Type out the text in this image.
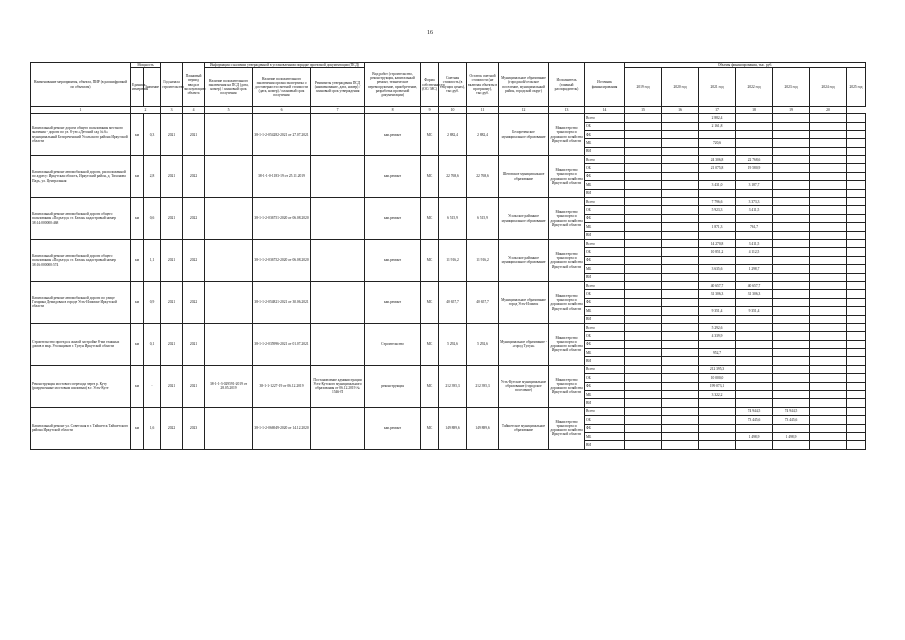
16
Наименование мероприятия, объекта, ПИР (в расшифровкой по объектам)	Мощность		Год начала строительства	Плановый период ввода в эксплуатацию объекта	Информация о наличии утвержденной в установленном порядке проектной документации (ПСД)			Вид работ (строительство, реконструкция, капитальный ремонт, техническое перевооружение, приобретение, разработка проектной документации)	Форма собственности (ОС/ МС)	Сметная стоимость (в текущих ценах), тыс.руб.	Остаток сметной стоимости (не включая объекты в программу), тыс.руб.	Муниципальное образование (городской/сельское поселение, муниципальный район, городской округ)	Исполнитель (главный распорядитель)	Источник финансирования	Объемы финансирования, тыс. руб.						
	Единица измерения	Значение			Наличие положительного заключения на ПСД (дата, номер) / плановый срок получения	Наличие положительного заключения органа экспертизы о достоверности сметной стоимости (дата, номер) / плановый срок получения	Реквизиты утверждения ПСД (наименование, дата, номер) / плановый срок утверждения								2019 год	2020 год	2021 год	2022 год	2023 год	2024 год	2025 год
1	2		3	4	5	6	7	8	9	10	11	12	13	14	15	16	17	18	19	20	
Капитальный ремонт дороги общего пользования местного значения - дороги по ул. 8-ую «Детский сад № 6» муниципальный Белореченский Усольского района Иркутской области	км	0,3	2021	2021		38-1-1-2-054282-2021 от 27.07.2021		кап.ремонт	МС	2 882,4	2 882,4	Белореченское муниципальное образование	Министерство транспорта и дорожного хозяйства Иркутской области	Всего			2 882,4				
														ОБ			2 161,8				
														ФБ							
														МБ			720,6				
														ВИ							
Капитальный ремонт автомобильной дороги, расположенной по адресу: Иркутская область, Иркутский район, д. Тихонова Падь, ул. Центральная	км	2,8	2021	2022		38-1-1-0-1183-19 от 25.11.2019		кап.ремонт	МС	22 768,6	22 768,6	Шеговское муниципальное образование	Министерство транспорта и дорожного хозяйства Иркутской области	Всего			24 306,8	22 768,6			
														ОБ			21 075,8	19 580,9			
														ФБ							
														МБ			3 431,0	3 187,7			
														ВИ							
Капитальный ремонт автомобильной дороги общего пользования «Подъезд к ст. Белая» кадастровый номер 38:14:000000:468	км	0,6	2021	2022		38-1-1-2-036751-2020 от 06.08.2020		кап.ремонт	МС	6 515,9	6 515,9	Усольское районное муниципальное образование	Министерство транспорта и дорожного хозяйства Иркутской области	Всего			7 796,6	3 373,3			
														ОБ			5 923,3	3 411,5			
														ФБ							
														МБ			1 871,3	761,7			
														ВИ							
Капитальный ремонт автомобильной дороги общего пользования «Подъезд к ст. Белая» кадастровый номер 38:16:000000:574	км	1,1	2021	2022		38-1-1-2-036752-2020 от 06.08.2020		кап.ремонт	МС	11 916,2	11 916,2	Усольское районное муниципальное образование	Министерство транспорта и дорожного хозяйства Иркутской области	Всего			14 270,8	3 411,5			
														ОБ			10 851,2	4 112,5			
														ФБ							
														МБ			3 635,6	1 298,7			
														ВИ							
Капитальный ремонт автомобильной дороги по улице Гагарина Демидовая в городе Усть-Илимске Иркутской области	км	0,9	2021	2022		38-1-1-2-054821-2021 от 30.06.2021		кап.ремонт	МС	40 657,7	40 657,7	Муниципальное образование город Усть-Илимск	Министерство транспорта и дорожного хозяйства Иркутской области	Всего			40 657,7	40 657,7			
														ОБ			31 306,3	31 306,3			
														ФБ							
														МБ			9 351,4	9 351,4			
														ВИ							
Строительство проезда к жилой застройке 8-ми этажных домов в мкр. Угольщиков г. Тулун Иркутской области	км	0,1	2021	2021		38-1-1-2-035996-2021 от 01.07.2021		Строительство	МС	5 292,6	5 292,6	Муниципальное образование - «город Тулун»	Министерство транспорта и дорожного хозяйства Иркутской области	Всего			5 292,6				
														ОБ			4 339,9				
														ФБ							
														МБ			952,7				
														ВИ							
Реконструкция мостового перехода через р. Куту (разрушенные мостовым шиловым) в г. Усть-Куте	км	-	2021	2021	38-1-1-3-029591-2019 от 28.05.2019	38-1-1-1227-19 от 06.12.2019	Постановление администрации Усть-Кутского муниципального образования от 06.12.2019 № 1546-П	реконструкция	МС	212 395,3	212 395,3	Усть-Кутское муниципальное образование (городское поселение)	Министерство транспорта и дорожного хозяйства Иркутской области	Всего			212 395,3				
														ОБ			10 000,0				
														ФБ			199 073,1				
														МБ			3 322,2				
														ВИ							
Капитальный ремонт ул. Советская в г. Тайшетск Тайшетского района Иркутской области	км	1,6	2022	2023		38-1-1-2-066949-2020 от 14.12.2020		кап.ремонт	МС	149 889,6	149 889,6	Тайшетское муниципальное образование	Министерство транспорта и дорожного хозяйства Иркутской области	Всего				74 944,5	74 944,5		
														ОБ				73 445,6	73 445,6		
														ФБ							
														МБ				1 498,9	1 498,9		
														ВИ							
